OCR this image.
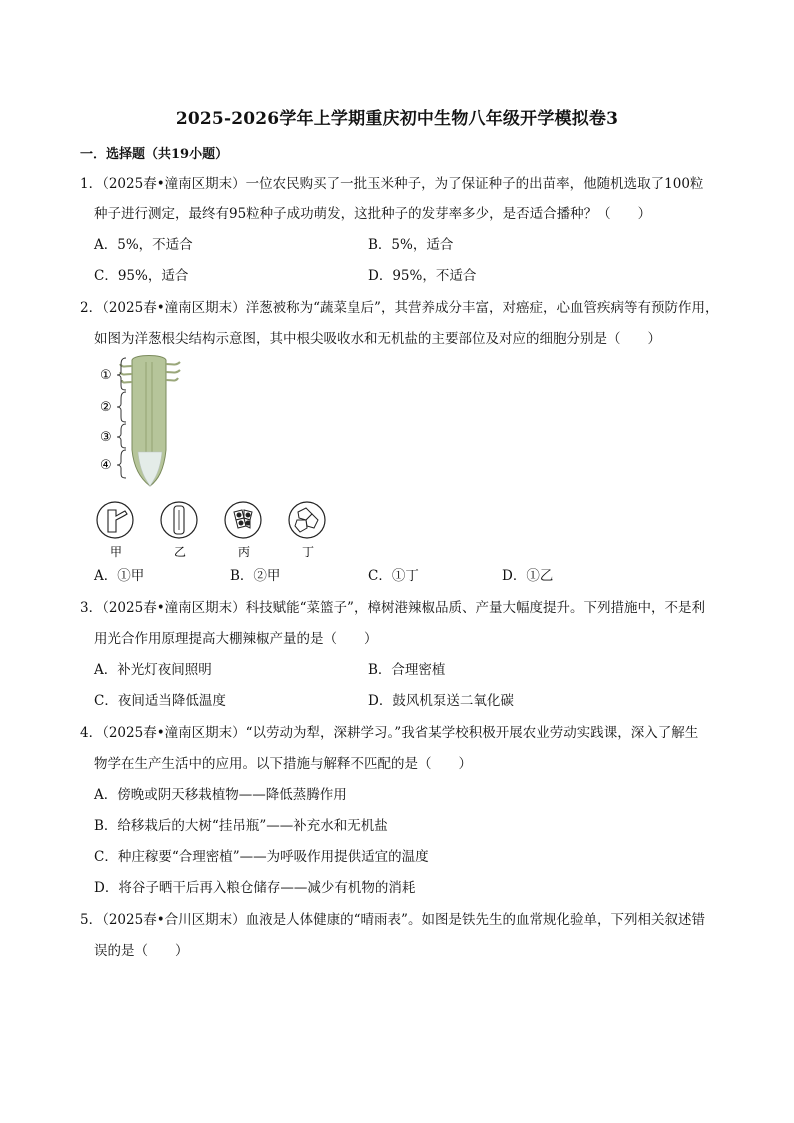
2025-2026学年上学期重庆初中生物八年级开学模拟卷3
一．选择题（共19小题）
1．（2025春•潼南区期末）一位农民购买了一批玉米种子，为了保证种子的出苗率，他随机选取了100粒
种子进行测定，最终有95粒种子成功萌发，这批种子的发芽率多少，是否适合播种？（　　）
A．5%，不适合	B．5%，适合
C．95%，适合	D．95%，不适合
2．（2025春•潼南区期末）洋葱被称为“蔬菜皇后”，其营养成分丰富，对癌症，心血管疾病等有预防作用，
如图为洋葱根尖结构示意图，其中根尖吸收水和无机盐的主要部位及对应的细胞分别是（　　）
①
②
③
④
甲	乙	丙	丁
A．①甲	B．②甲	C．①丁	D．①乙
3．（2025春•潼南区期末）科技赋能“菜篮子”，樟树港辣椒品质、产量大幅度提升。下列措施中，不是利
用光合作用原理提高大棚辣椒产量的是（　　）
A．补光灯夜间照明	B．合理密植
C．夜间适当降低温度	D．鼓风机泵送二氧化碳
4．（2025春•潼南区期末）“以劳动为犁，深耕学习。”我省某学校积极开展农业劳动实践课，深入了解生
物学在生产生活中的应用。以下措施与解释不匹配的是（　　）
A．傍晚或阴天移栽植物——降低蒸腾作用
B．给移栽后的大树“挂吊瓶”——补充水和无机盐
C．种庄稼要“合理密植”——为呼吸作用提供适宜的温度
D．将谷子晒干后再入粮仓储存——减少有机物的消耗
5．（2025春•合川区期末）血液是人体健康的“晴雨表”。如图是铁先生的血常规化验单，下列相关叙述错
误的是（　　）
